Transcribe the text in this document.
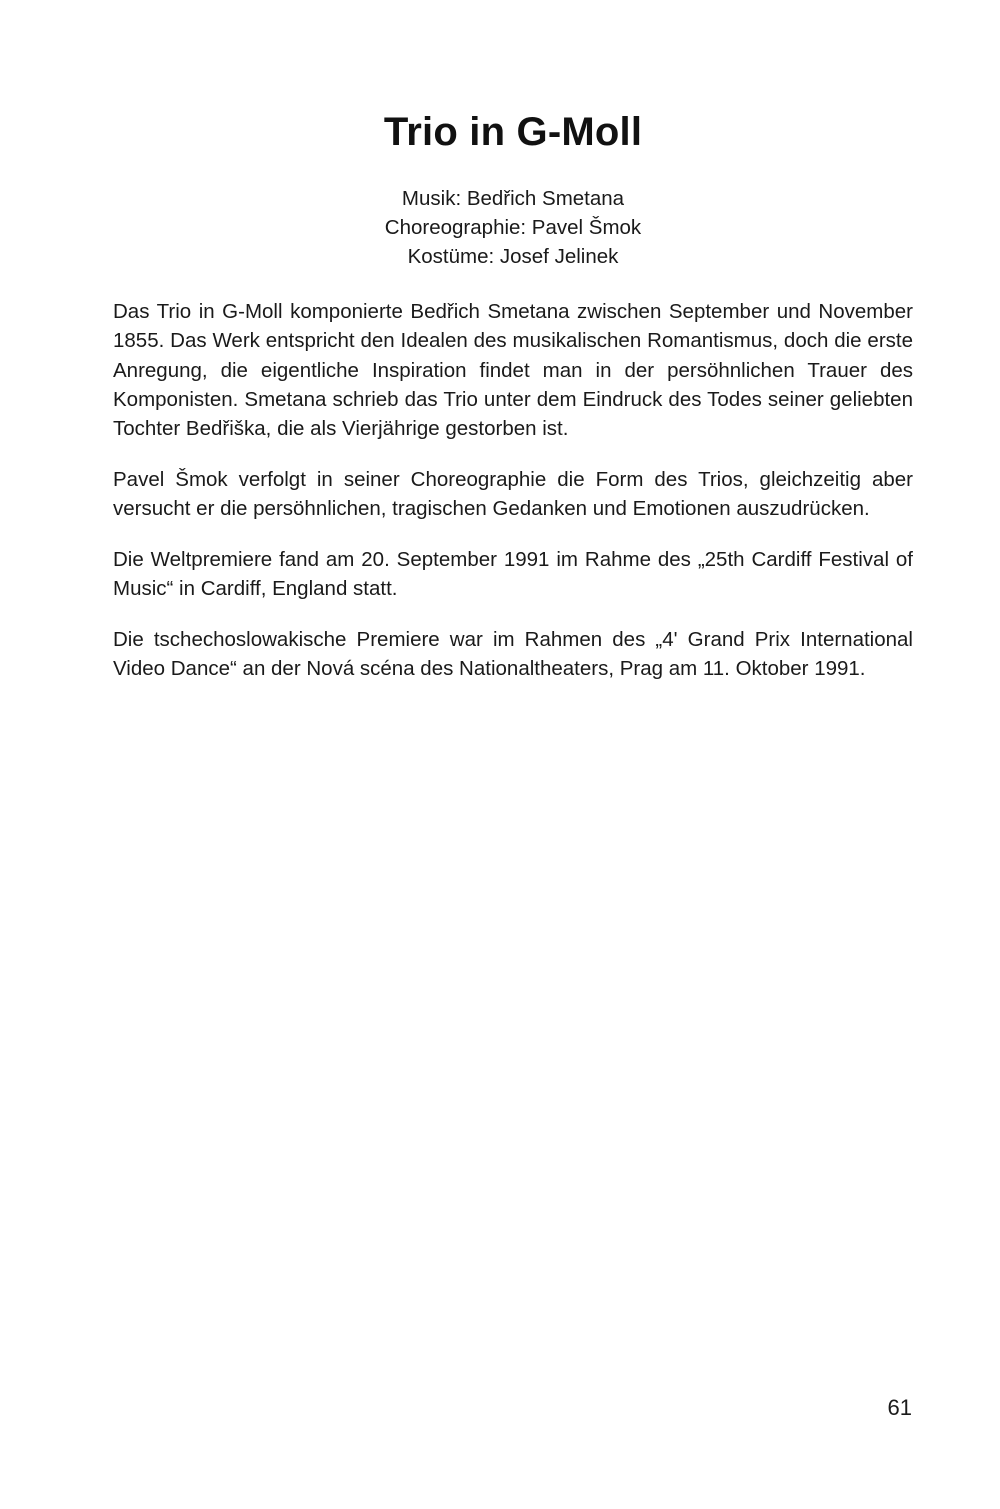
Trio in G-Moll
Musik: Bedřich Smetana
Choreographie: Pavel Šmok
Kostüme: Josef Jelinek

Das Trio in G-Moll komponierte Bedřich Smetana zwischen September und November 1855. Das Werk entspricht den Idealen des musikalischen Romantismus, doch die erste Anregung, die eigentliche Inspiration findet man in der persöhnlichen Trauer des Komponisten. Smetana schrieb das Trio unter dem Eindruck des Todes seiner geliebten Tochter Bedřiška, die als Vierjährige gestorben ist.

Pavel Šmok verfolgt in seiner Choreographie die Form des Trios, gleichzeitig aber versucht er die persöhnlichen, tragischen Gedanken und Emotionen auszudrücken.

Die Weltpremiere fand am 20. September 1991 im Rahme des „25th Cardiff Festival of Music“ in Cardiff, England statt.

Die tschechoslowakische Premiere war im Rahmen des „4' Grand Prix International Video Dance“ an der Nová scéna des Nationaltheaters, Prag am 11. Oktober 1991.

61
